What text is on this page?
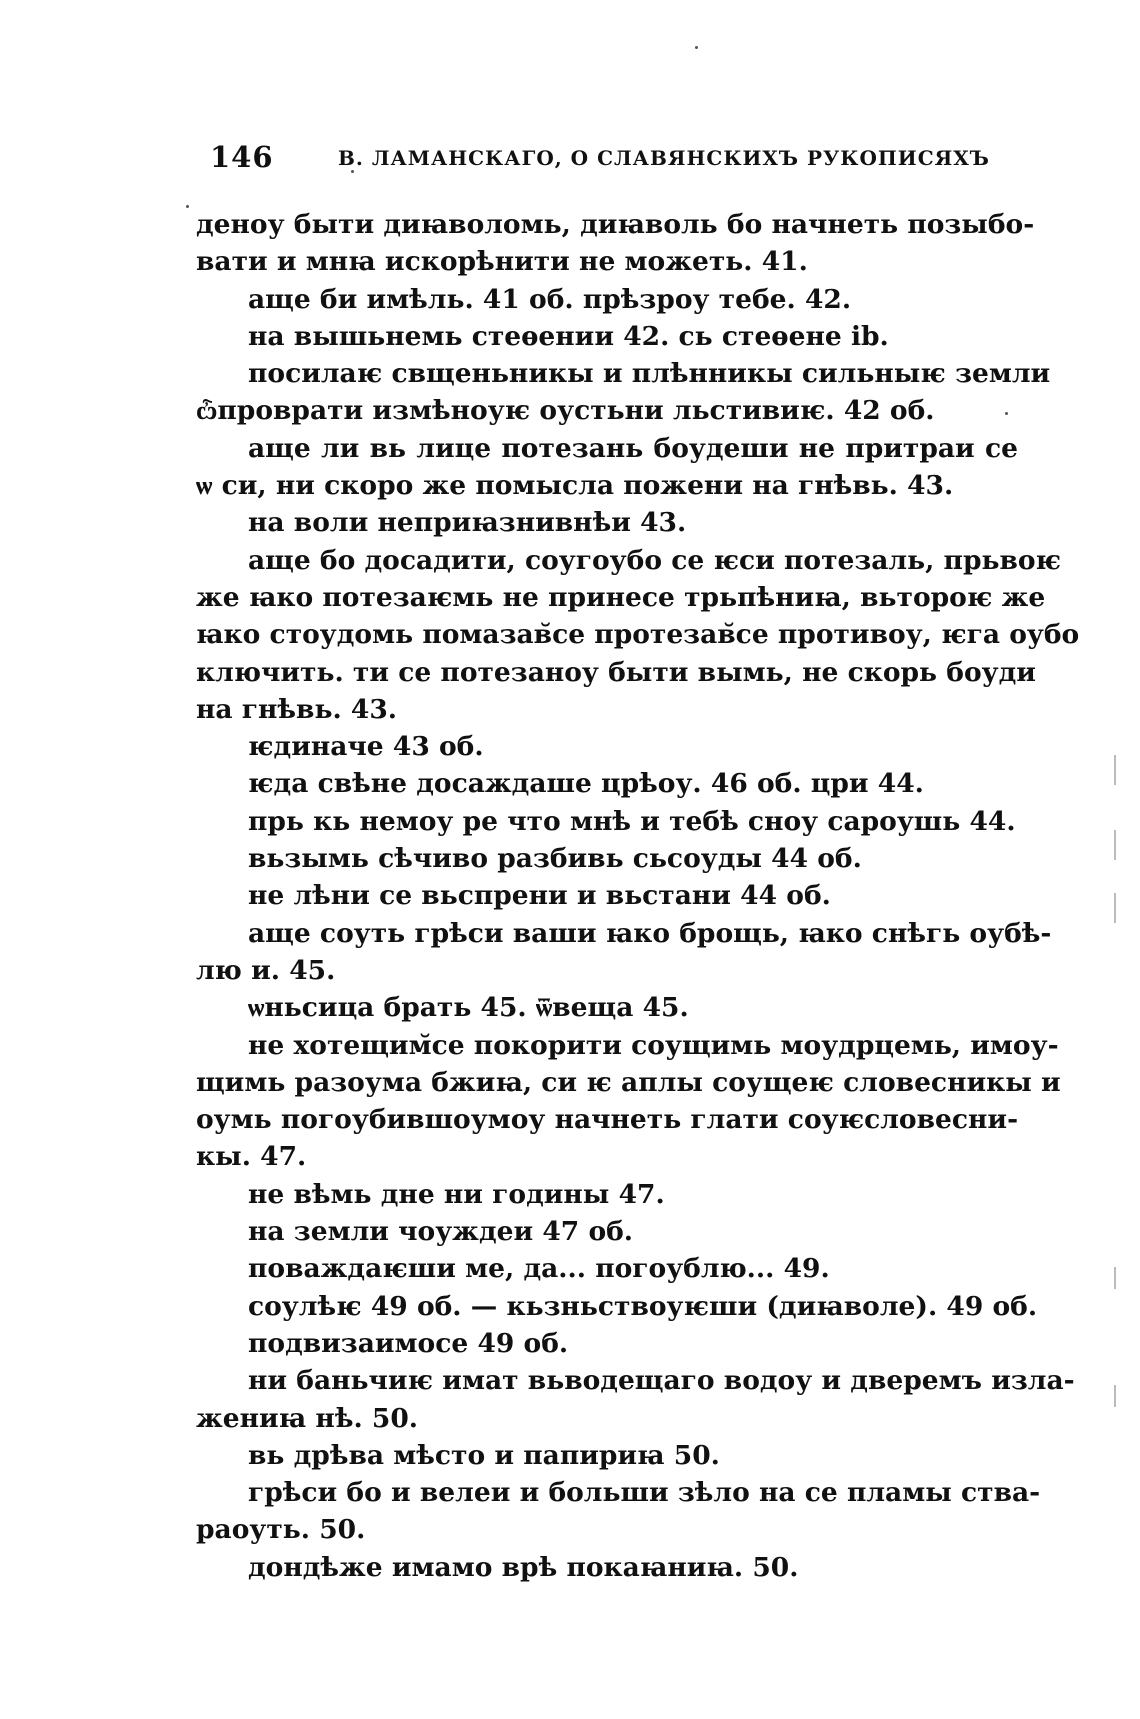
146	В. ЛАМАНСКАГО, О СЛАВЯНСКИХЪ РУКОПИСЯХЪ
деноу быти диꙗволомь, диꙗволь бо начнеть позыбо-
вати и мнꙗ искорѣнити не можеть. 41.
аще би имѣль. 41 об. прѣзроу тебе. 42.
на вышьнемь стеѳении 42. сь стеѳене ib.
посилаѥ свщеньникы и плѣнникы сильныѥ земли
ѽпроврати измѣноуѥ оустьни льстивиѥ. 42 об.
аще ли вь лице потезань боудеши не притраи се
ѡ си, ни скоро же помысла пожени на гнѣвь. 43.
на воли неприꙗзнивнѣи 43.
аще бо досадити, соугоубо се ѥси потезаль, прьвоѥ
же ꙗко потезаѥмь не принесе трьпѣниꙗ, вьтороѥ же
ꙗко стоудомь помазав̆се протезав̆се противоу, ѥга оубо
ключить. ти се потезаноу быти вымь, не скорь боуди
на гнѣвь. 43.
ѥдиначе 43 об.
ѥда свѣне досаждаше црѣоу. 46 об. цри 44.
прь кь немоу ре что мнѣ и тебѣ сноу сароушь 44.
вьзымь сѣчиво разбивь сьсоуды 44 об.
не лѣни се вьспрени и вьстани 44 об.
аще соуть грѣси ваши ꙗко брощь, ꙗко снѣгь оубѣ-
лю и. 45.
ѡньсица брать 45. ѿвеща 45.
не хотещим̆се покорити соущимь моудрцемь, имоу-
щимь разоума бжиꙗ, си ѥ аплы соущеѥ словесникы и
оумь погоубившоумоу начнеть глати соуѥсловесни-
кы. 47.
не вѣмь дне ни годины 47.
на земли чоуждеи 47 об.
поваждаѥши ме, да... погоублю... 49.
соулѣѥ 49 об. — кьзньствоуѥши (диꙗволе). 49 об.
подвизаимосе 49 об.
ни баньчиѥ имат вьводещаго водоу и дверемъ изла-
жениꙗ нѣ. 50.
вь дрѣва мѣсто и папириꙗ 50.
грѣси бо и велеи и больши зѣло на се пламы ства-
раоуть. 50.
дондѣже имамо врѣ покаꙗниꙗ. 50.
